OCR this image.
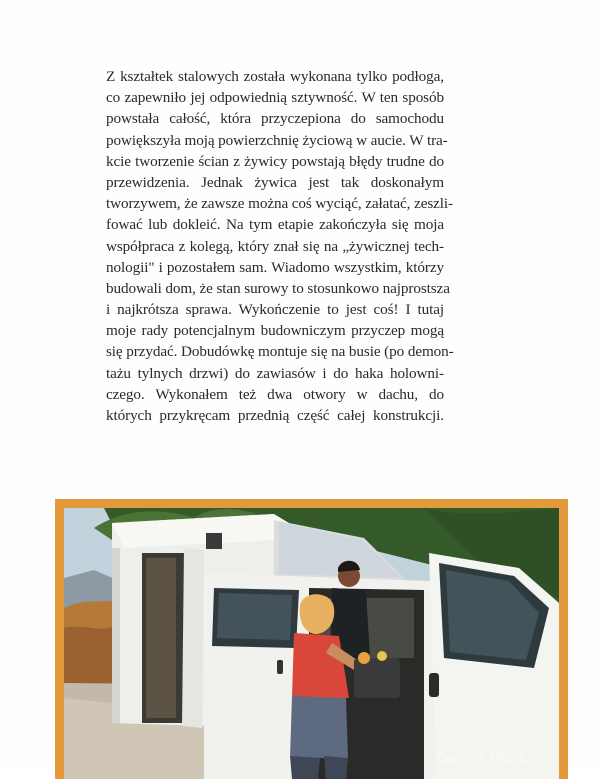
Z kształtek stalowych została wykonana tylko podłoga,
co zapewniło jej odpowiednią sztywność. W ten sposób
powstała całość, która przyczepiona do samochodu
powiększyła moją powierzchnię życiową w aucie. W tra-
kcie tworzenie ścian z żywicy powstają błędy trudne do
przewidzenia. Jednak żywica jest tak doskonałym
tworzywem, że zawsze można coś wyciąć, załatać, zeszli-
fować lub dokleić. Na tym etapie zakończyła się moja
współpraca z kolegą, który znał się na „żywicznej tech-
nologii" i pozostałem sam. Wiadomo wszystkim, którzy
budowali dom, że stan surowy to stosunkowo najprostsza
i najkrótsza sprawa. Wykończenie to jest coś! I tutaj
moje rady potencjalnym budowniczym przyczep mogą
się przydać. Dobudówkę montuje się na busie (po demon-
tażu tylnych drzwi) do zawiasów i do haka holowni-
czego. Wykonałem też dwa otwory w dachu, do
których przykręcam przednią część całej konstrukcji.
Galeria Mordor
